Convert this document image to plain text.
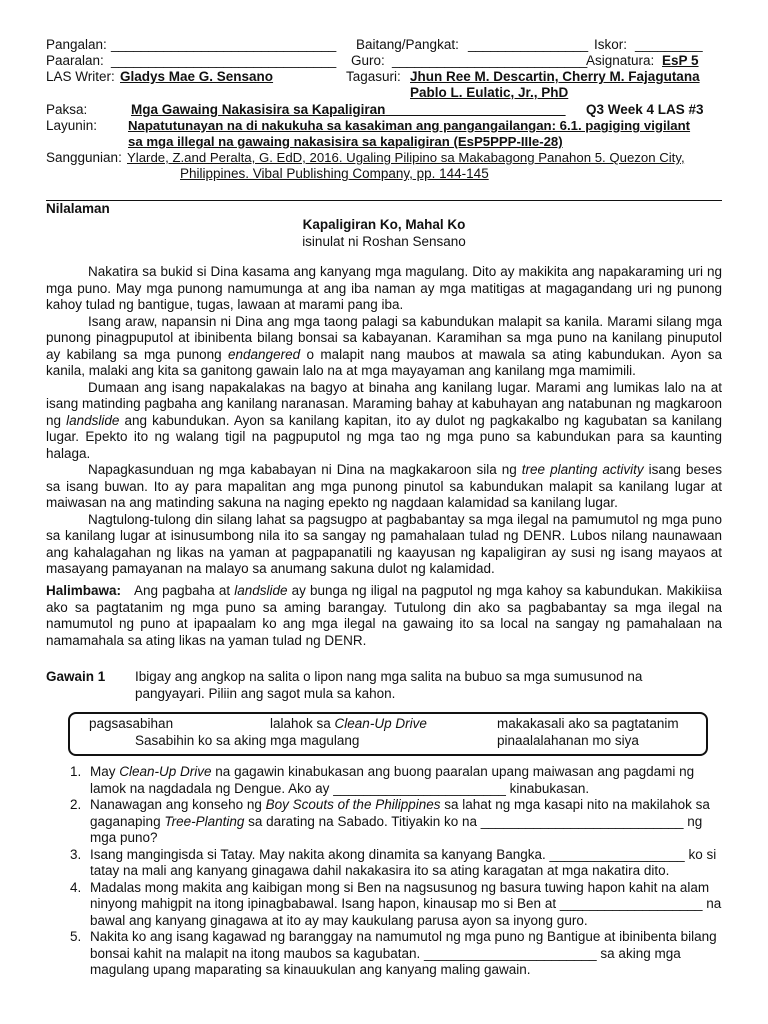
Pangalan: ______________________________ Baitang/Pangkat: ________________ Iskor: _________
Paaralan: ______________________________ Guro: __________________________
Asignatura: EsP 5
LAS Writer: Gladys Mae G. Sensano	Tagasuri: Jhun Ree M. Descartin, Cherry M. Fajagutana
Pablo L. Eulatic, Jr., PhD
Paksa:	Mga Gawaing Nakasisira sa Kapaligiran________________________ Q3 Week 4 LAS #3
Layunin: Napatutunayan na di nakukuha sa kasakiman ang pangangailangan: 6.1. pagiging vigilant
sa mga illegal na gawaing nakasisira sa kapaligiran (EsP5PPP-IIIe-28)
Sanggunian: Ylarde, Z.and Peralta, G. EdD, 2016. Ugaling Pilipino sa Makabagong Panahon 5. Quezon City,
Philippines. Vibal Publishing Company, pp. 144-145
Nilalaman
Kapaligiran Ko, Mahal Ko
isinulat ni Roshan Sensano

Nakatira sa bukid si Dina kasama ang kanyang mga magulang. Dito ay makikita ang napakaraming uri ng mga puno. May mga punong namumunga at ang iba naman ay mga matitigas at magagandang uri ng punong kahoy tulad ng bantigue, tugas, lawaan at marami pang iba.

Isang araw, napansin ni Dina ang mga taong palagi sa kabundukan malapit sa kanila. Marami silang mga punong pinagpuputol at ibinibenta bilang bonsai sa kabayanan. Karamihan sa mga puno na kanilang pinuputol ay kabilang sa mga punong endangered o malapit nang maubos at mawala sa ating kabundukan. Ayon sa kanila, malaki ang kita sa ganitong gawain lalo na at mga mayayaman ang kanilang mga mamimili.

Dumaan ang isang napakalakas na bagyo at binaha ang kanilang lugar. Marami ang lumikas lalo na at isang matinding pagbaha ang kanilang naranasan. Maraming bahay at kabuhayan ang natabunan ng magkaroon ng landslide ang kabundukan. Ayon sa kanilang kapitan, ito ay dulot ng pagkakalbo ng kagubatan sa kanilang lugar. Epekto ito ng walang tigil na pagpuputol ng mga tao ng mga puno sa kabundukan para sa kaunting halaga.

Napagkasunduan ng mga kababayan ni Dina na magkakaroon sila ng tree planting activity isang beses sa isang buwan. Ito ay para mapalitan ang mga punong pinutol sa kabundukan malapit sa kanilang lugar at maiwasan na ang matinding sakuna na naging epekto ng nagdaan kalamidad sa kanilang lugar.

Nagtulong-tulong din silang lahat sa pagsugpo at pagbabantay sa mga ilegal na pamumutol ng mga puno sa kanilang lugar at isinusumbong nila ito sa sangay ng pamahalaan tulad ng DENR. Lubos nilang naunawaan ang kahalagahan ng likas na yaman at pagpapanatili ng kaayusan ng kapaligiran ay susi ng isang mayaos at masayang pamayanan na malayo sa anumang sakuna dulot ng kalamidad.

Halimbawa: Ang pagbaha at landslide ay bunga ng iligal na pagputol ng mga kahoy sa kabundukan. Makikiisa ako sa pagtatanim ng mga puno sa aming barangay. Tutulong din ako sa pagbabantay sa mga ilegal na namumutol ng puno at ipapaalam ko ang mga ilegal na gawaing ito sa local na sangay ng pamahalaan na namamahala sa ating likas na yaman tulad ng DENR.
Gawain 1 Ibigay ang angkop na salita o lipon nang mga salita na bubuo sa mga sumusunod na pangyayari. Piliin ang sagot mula sa kahon.
pagsasabihan	lalahok sa Clean-Up Drive	makakasali ako sa pagtatanim
Sasabihin ko sa aking mga magulang	pinaalalahanan mo siya
1. May Clean-Up Drive na gagawin kinabukasan ang buong paaralan upang maiwasan ang pagdami ng lamok na nagdadala ng Dengue. Ako ay _______________________ kinabukasan.
2. Nanawagan ang konseho ng Boy Scouts of the Philippines sa lahat ng mga kasapi nito na makilahok sa gaganaping Tree-Planting sa darating na Sabado. Titiyakin ko na ___________________________ ng mga puno?
3. Isang mangingisda si Tatay. May nakita akong dinamita sa kanyang Bangka. __________________ ko si tatay na mali ang kanyang ginagawa dahil nakakasira ito sa ating karagatan at mga nakatira dito.
4. Madalas mong makita ang kaibigan mong si Ben na nagsusunog ng basura tuwing hapon kahit na alam ninyong mahigpit na itong ipinagbabawal. Isang hapon, kinausap mo si Ben at ___________________ na bawal ang kanyang ginagawa at ito ay may kaukulang parusa ayon sa inyong guro.
5. Nakita ko ang isang kagawad ng baranggay na namumutol ng mga puno ng Bantigue at ibinibenta bilang bonsai kahit na malapit na itong maubos sa kagubatan. _______________________ sa aking mga magulang upang maparating sa kinauukulan ang kanyang maling gawain.
